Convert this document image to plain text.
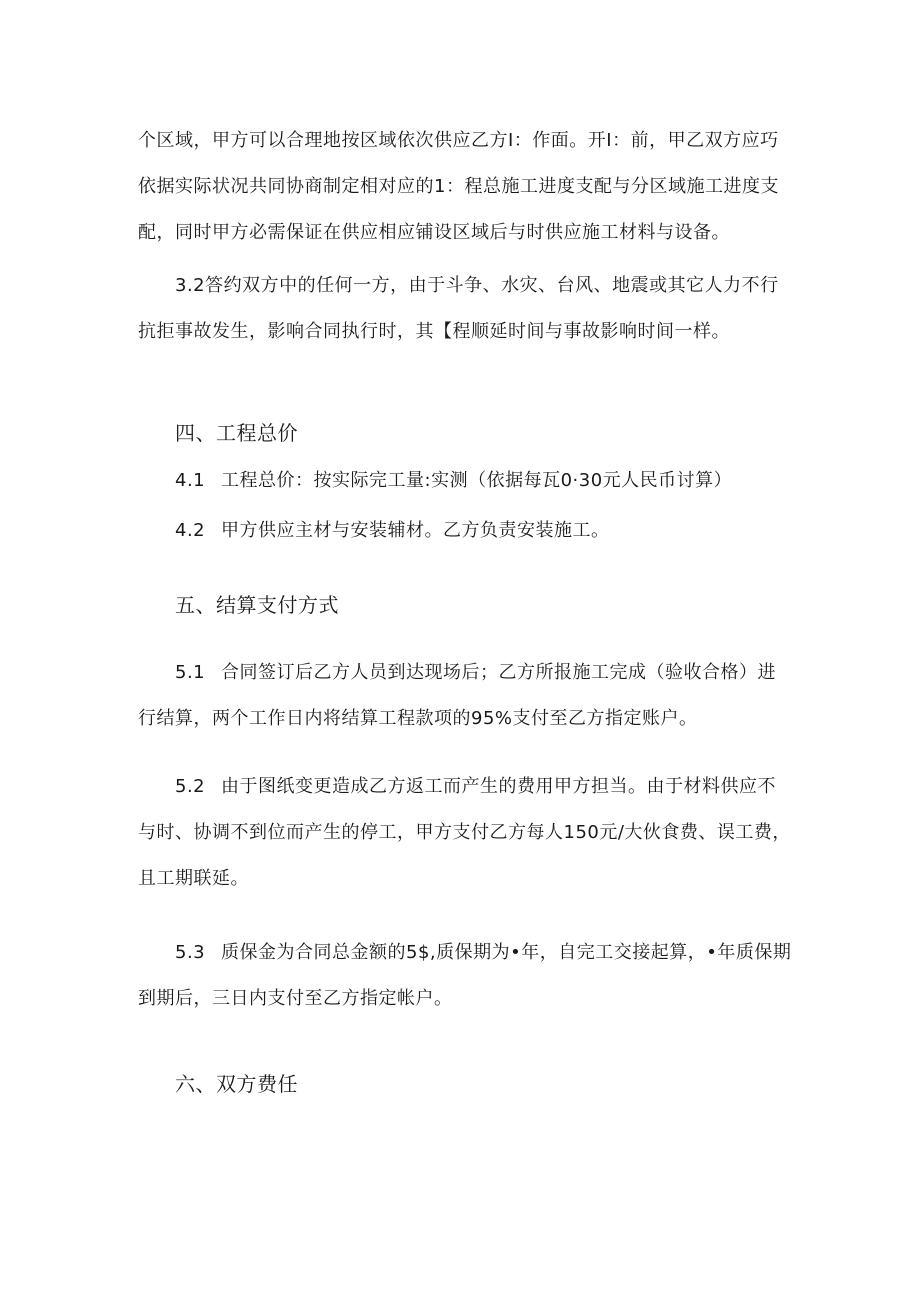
个区域，甲方可以合理地按区域依次供应乙方I：作面。开I：前，甲乙双方应巧
依据实际状况共同协商制定相对应的1：程总施工进度支配与分区域施工进度支
配，同时甲方必需保证在供应相应铺设区域后与时供应施工材料与设备。
3.2答约双方中的任何一方，由于斗争、水灾、台风、地震或其它人力不行
抗拒事故发生，影响合同执行时，其【程顺延时间与事故影响时间一样。
四、工程总价
4.1 工程总价：按实际完工量:实测（依据每瓦0·30元人民币讨算）
4.2 甲方供应主材与安装辅材。乙方负责安装施工。
五、结算支付方式
5.1 合同签订后乙方人员到达现场后；乙方所报施工完成（验收合格）进
行结算，两个工作日内将结算工程款项的95%支付至乙方指定账户。
5.2 由于图纸变更造成乙方返工而产生的费用甲方担当。由于材料供应不
与时、协调不到位而产生的停工，甲方支付乙方每人150元/大伙食费、误工费，
且工期联延。
5.3 质保金为合同总金额的5$,质保期为•年，自完工交接起算，•年质保期
到期后，三日内支付至乙方指定帐户。
六、双方费任
